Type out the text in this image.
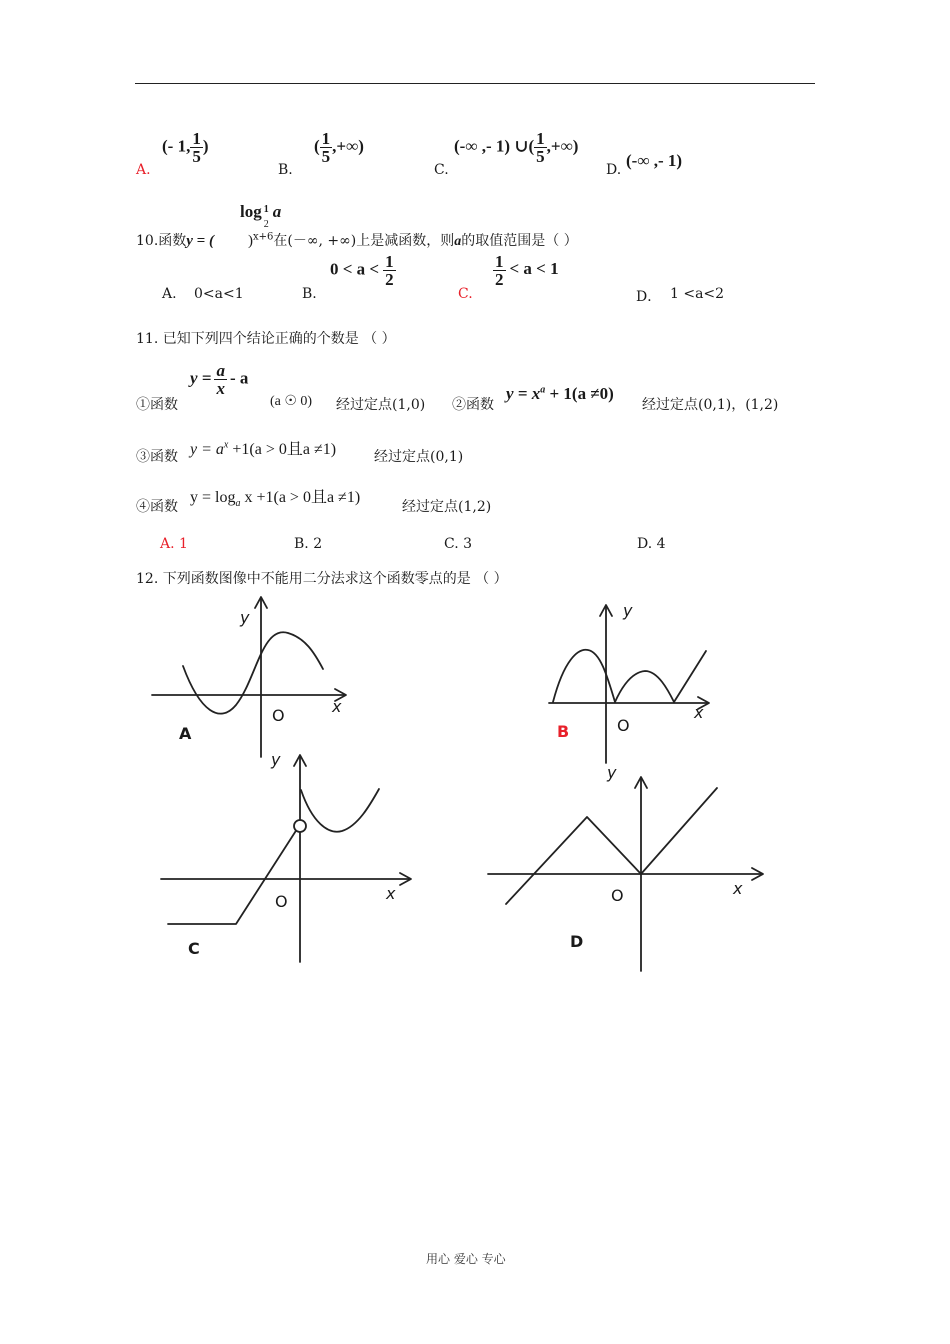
A.
(- 1, $\frac{1}{5}$ )
B.
( $\frac{1}{5}$ ,+∞)
C.
(-∞ ,- 1) ∪( $\frac{1}{5}$ ,+∞)
D. (-∞ ,- 1)
log 1
2
a
10.函数y = ( )$^{x+6}$在(－∞, +∞)上是减函数，则a的取值范围是（ ）
A. 0<a<1	B.
$0 < a < \frac{1}{2}$
C.
$\frac{1}{2} < a < 1$
D． 1 <a<2
11. 已知下列四个结论正确的个数是 （ ）
①函数
$y = \frac{a}{x} - a$
(a ☉ 0) 经过定点(1,0) ②函数
$y = x^a + 1(a \ne 0)$
经过定点(0,1)，(1,2)
③函数 $y = a^x +1(a > 0$且a ≠1)	经过定点(0,1)
④函数
$y = \log_a x +1(a > 0$且a ≠1)
经过定点(1,2)
A. 1	B. 2	C. 3	D. 4
12. 下列函数图像中不能用二分法求这个函数零点的是 （ ）
y
x
O
A
y
x
O
B
y
x
O
C
y
x
O
D
用心 爱心 专心
